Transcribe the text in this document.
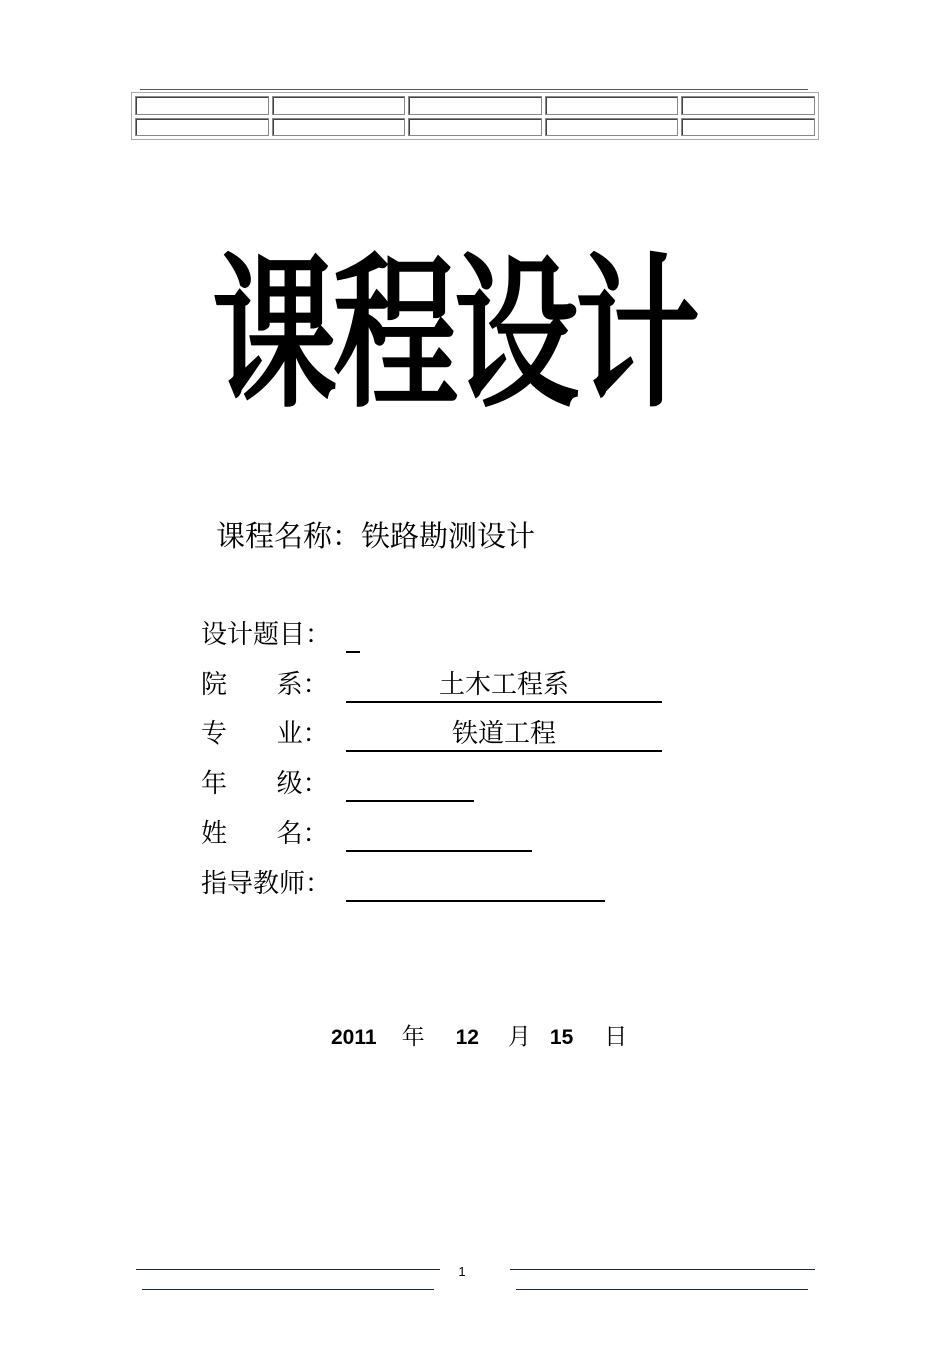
课程设计
课程名称：铁路勘测设计
设计题目：
院      系：	土木工程系
专      业：	铁道工程
年      级：
姓      名：
指导教师：
2011 年 12 月 15 日
1
